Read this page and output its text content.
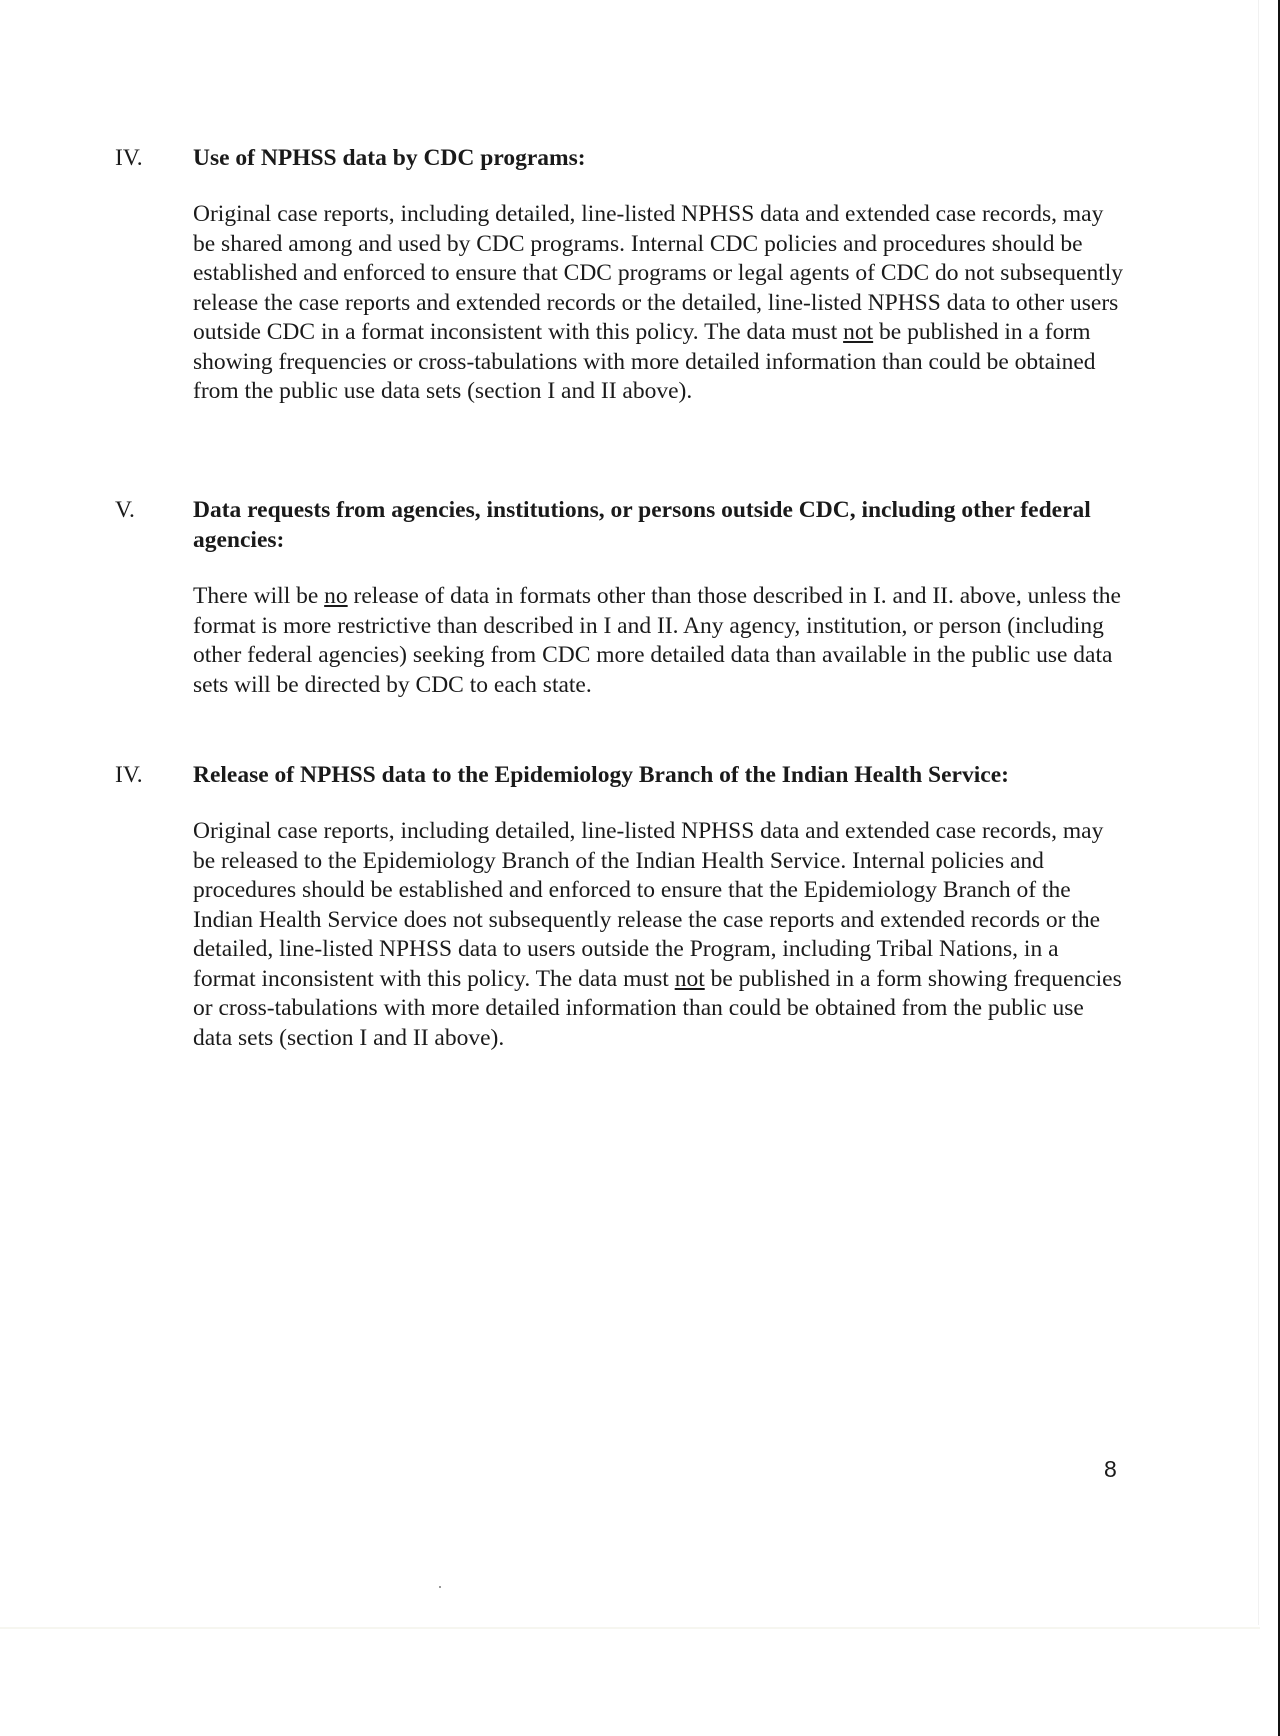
IV. Use of NPHSS data by CDC programs:
Original case reports, including detailed, line-listed NPHSS data and extended case records, may be shared among and used by CDC programs. Internal CDC policies and procedures should be established and enforced to ensure that CDC programs or legal agents of CDC do not subsequently release the case reports and extended records or the detailed, line-listed NPHSS data to other users outside CDC in a format inconsistent with this policy. The data must not be published in a form showing frequencies or cross-tabulations with more detailed information than could be obtained from the public use data sets (section I and II above).
V. Data requests from agencies, institutions, or persons outside CDC, including other federal agencies:
There will be no release of data in formats other than those described in I. and II. above, unless the format is more restrictive than described in I and II. Any agency, institution, or person (including other federal agencies) seeking from CDC more detailed data than available in the public use data sets will be directed by CDC to each state.
IV. Release of NPHSS data to the Epidemiology Branch of the Indian Health Service:
Original case reports, including detailed, line-listed NPHSS data and extended case records, may be released to the Epidemiology Branch of the Indian Health Service. Internal policies and procedures should be established and enforced to ensure that the Epidemiology Branch of the Indian Health Service does not subsequently release the case reports and extended records or the detailed, line-listed NPHSS data to users outside the Program, including Tribal Nations, in a format inconsistent with this policy. The data must not be published in a form showing frequencies or cross-tabulations with more detailed information than could be obtained from the public use data sets (section I and II above).
8
